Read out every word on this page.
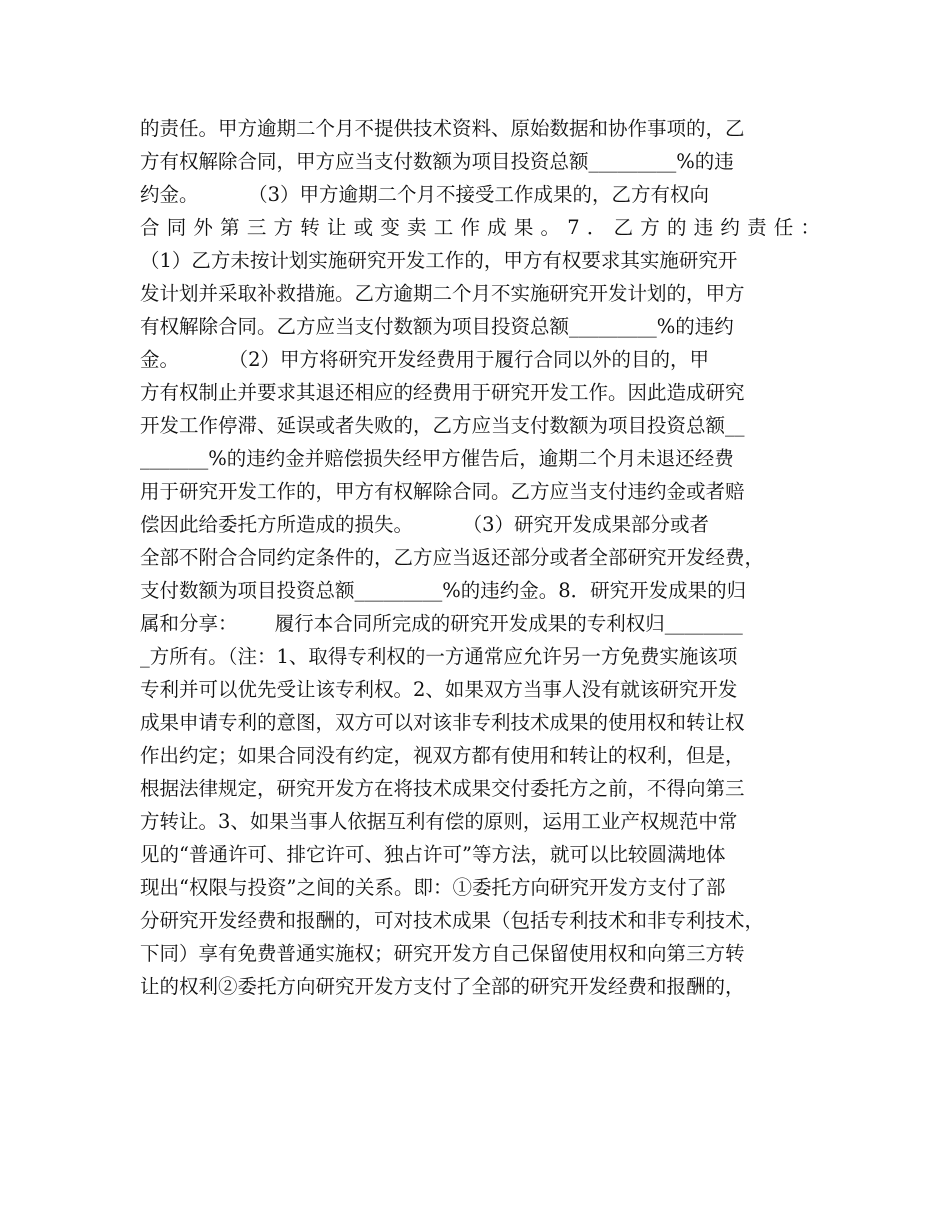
的责任。甲方逾期二个月不提供技术资料、原始数据和协作事项的，乙

方有权解除合同，甲方应当支付数额为项目投资总额_________%的违

约金。        （3）甲方逾期二个月不接受工作成果的，乙方有权向

合同外第三方转让或变卖工作成果。7．乙方的违约责任：

（1）乙方未按计划实施研究开发工作的，甲方有权要求其实施研究开

发计划并采取补救措施。乙方逾期二个月不实施研究开发计划的，甲方

有权解除合同。乙方应当支付数额为项目投资总额_________%的违约

金。        （2）甲方将研究开发经费用于履行合同以外的目的，甲

方有权制止并要求其退还相应的经费用于研究开发工作。因此造成研究

开发工作停滞、延误或者失败的，乙方应当支付数额为项目投资总额__

_______%的违约金并赔偿损失经甲方催告后，逾期二个月未退还经费

用于研究开发工作的，甲方有权解除合同。乙方应当支付违约金或者赔

偿因此给委托方所造成的损失。        （3）研究开发成果部分或者

全部不附合合同约定条件的，乙方应当返还部分或者全部研究开发经费，

支付数额为项目投资总额_________%的违约金。8．研究开发成果的归

属和分享：      履行本合同所完成的研究开发成果的专利权归________

_方所有。（注：1、取得专利权的一方通常应允许另一方免费实施该项

专利并可以优先受让该专利权。2、如果双方当事人没有就该研究开发

成果申请专利的意图，双方可以对该非专利技术成果的使用权和转让权

作出约定；如果合同没有约定，视双方都有使用和转让的权利，但是，

根据法律规定，研究开发方在将技术成果交付委托方之前，不得向第三

方转让。3、如果当事人依据互利有偿的原则，运用工业产权规范中常

见的“普通许可、排它许可、独占许可”等方法，就可以比较圆满地体

现出“权限与投资”之间的关系。即：①委托方向研究开发方支付了部

分研究开发经费和报酬的，可对技术成果（包括专利技术和非专利技术，

下同）享有免费普通实施权；研究开发方自己保留使用权和向第三方转

让的权利②委托方向研究开发方支付了全部的研究开发经费和报酬的，
